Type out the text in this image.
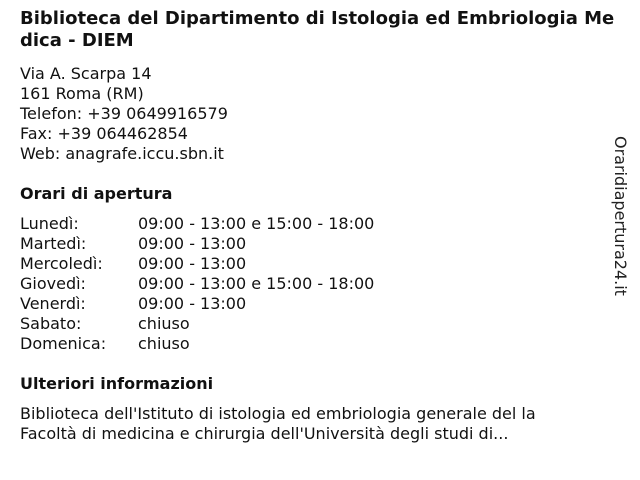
Biblioteca del Dipartimento di Istologia ed Embriologia Medica - DIEM
Via A. Scarpa 14
161 Roma (RM)
Telefon: +39 0649916579
Fax: +39 064462854
Web: anagrafe.iccu.sbn.it
Orari di apertura
Lunedì:	09:00 - 13:00 e 15:00 - 18:00
Martedì:	09:00 - 13:00
Mercoledì:	09:00 - 13:00
Giovedì:	09:00 - 13:00 e 15:00 - 18:00
Venerdì:	09:00 - 13:00
Sabato:	chiuso
Domenica:	chiuso
Ulteriori informazioni

Biblioteca dell'Istituto di istologia ed embriologia generale del la Facoltà di medicina e chirurgia dell'Università degli studi di...

Oraridiapertura24.it
